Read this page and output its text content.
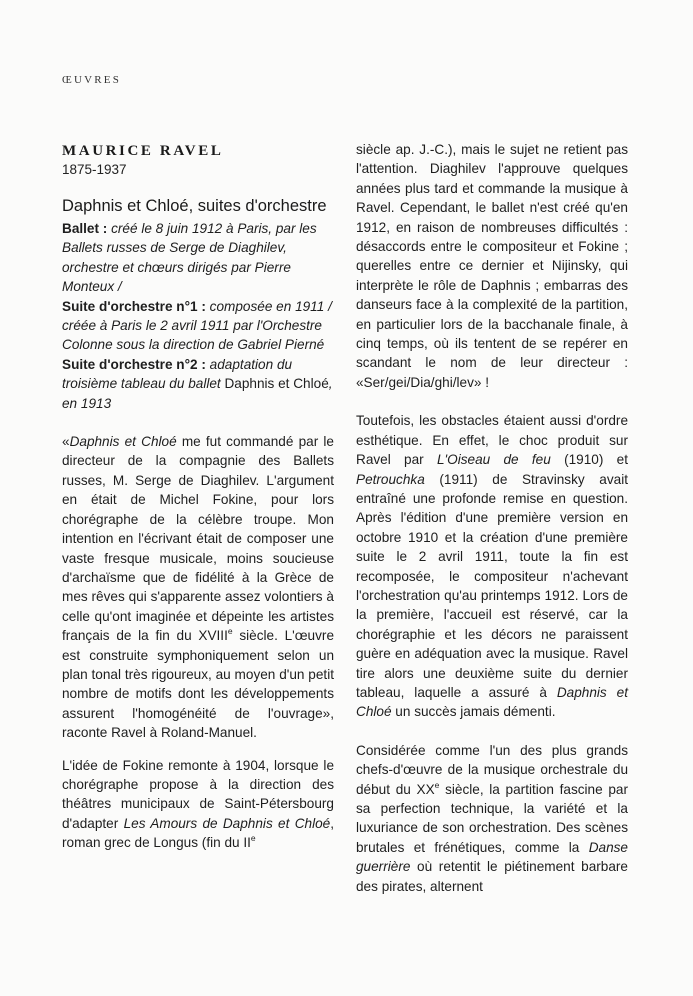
ŒUVRES
MAURICE RAVEL
1875-1937
Daphnis et Chloé, suites d'orchestre

Ballet : créé le 8 juin 1912 à Paris, par les Ballets russes de Serge de Diaghilev, orchestre et chœurs dirigés par Pierre Monteux /
Suite d'orchestre n°1 : composée en 1911 / créée à Paris le 2 avril 1911 par l'Orchestre Colonne sous la direction de Gabriel Pierné
Suite d'orchestre n°2 : adaptation du troisième tableau du ballet Daphnis et Chloé, en 1913

«Daphnis et Chloé me fut commandé par le directeur de la compagnie des Ballets russes, M. Serge de Diaghilev. L'argument en était de Michel Fokine, pour lors chorégraphe de la célèbre troupe. Mon intention en l'écrivant était de composer une vaste fresque musicale, moins soucieuse d'archaïsme que de fidélité à la Grèce de mes rêves qui s'apparente assez volontiers à celle qu'ont imaginée et dépeinte les artistes français de la fin du XVIIIe siècle. L'œuvre est construite symphoniquement selon un plan tonal très rigoureux, au moyen d'un petit nombre de motifs dont les développements assurent l'homogénéité de l'ouvrage», raconte Ravel à Roland-Manuel.

L'idée de Fokine remonte à 1904, lorsque le chorégraphe propose à la direction des théâtres municipaux de Saint-Pétersbourg d'adapter Les Amours de Daphnis et Chloé, roman grec de Longus (fin du IIe

siècle ap. J.-C.), mais le sujet ne retient pas l'attention. Diaghilev l'approuve quelques années plus tard et commande la musique à Ravel. Cependant, le ballet n'est créé qu'en 1912, en raison de nombreuses difficultés : désaccords entre le compositeur et Fokine ; querelles entre ce dernier et Nijinsky, qui interprète le rôle de Daphnis ; embarras des danseurs face à la complexité de la partition, en particulier lors de la bacchanale finale, à cinq temps, où ils tentent de se repérer en scandant le nom de leur directeur : «Ser/gei/Dia/ghi/lev» !

Toutefois, les obstacles étaient aussi d'ordre esthétique. En effet, le choc produit sur Ravel par L'Oiseau de feu (1910) et Petrouchka (1911) de Stravinsky avait entraîné une profonde remise en question. Après l'édition d'une première version en octobre 1910 et la création d'une première suite le 2 avril 1911, toute la fin est recomposée, le compositeur n'achevant l'orchestration qu'au printemps 1912. Lors de la première, l'accueil est réservé, car la chorégraphie et les décors ne paraissent guère en adéquation avec la musique. Ravel tire alors une deuxième suite du dernier tableau, laquelle a assuré à Daphnis et Chloé un succès jamais démenti.

Considérée comme l'un des plus grands chefs-d'œuvre de la musique orchestrale du début du XXe siècle, la partition fascine par sa perfection technique, la variété et la luxuriance de son orchestration. Des scènes brutales et frénétiques, comme la Danse guerrière où retentit le piétinement barbare des pirates, alternent
